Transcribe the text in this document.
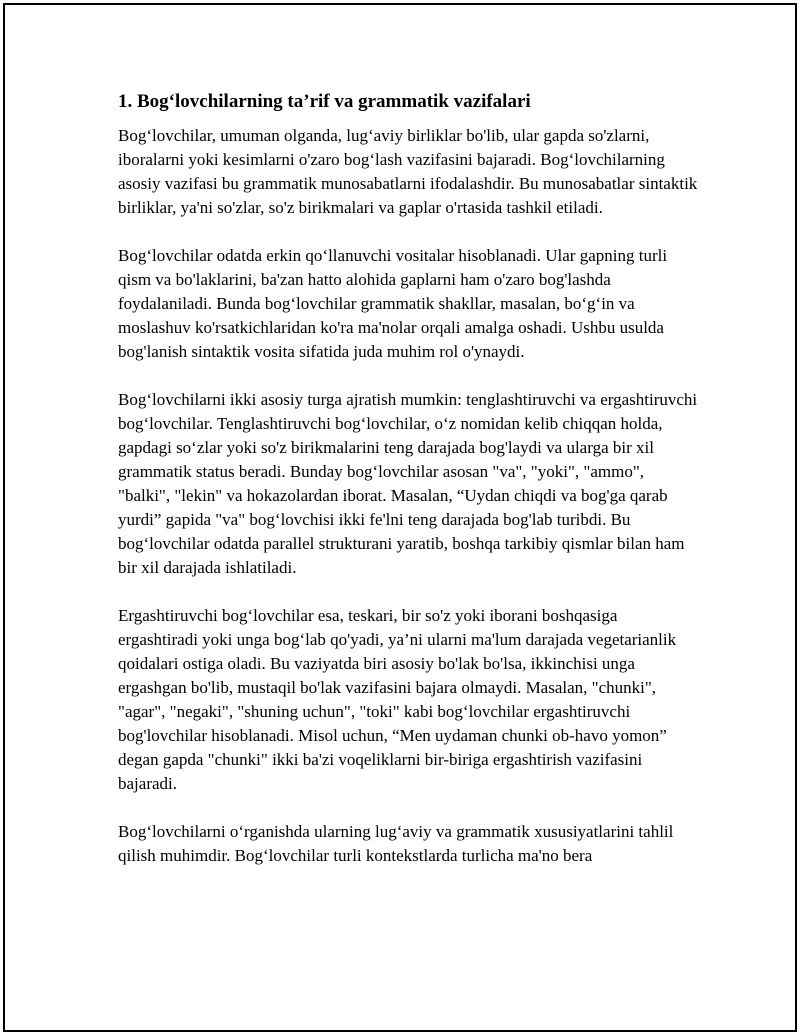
1. Bog‘lovchilarning ta’rif va grammatik vazifalari

Bog‘lovchilar, umuman olganda, lug‘aviy birliklar bo'lib, ular gapda so'zlarni, iboralarni yoki kesimlarni o'zaro bog‘lash vazifasini bajaradi. Bog‘lovchilarning asosiy vazifasi bu grammatik munosabatlarni ifodalashdir. Bu munosabatlar sintaktik birliklar, ya'ni so'zlar, so'z birikmalari va gaplar o'rtasida tashkil etiladi.

Bog‘lovchilar odatda erkin qo‘llanuvchi vositalar hisoblanadi. Ular gapning turli qism va bo'laklarini, ba'zan hatto alohida gaplarni ham o'zaro bog'lashda foydalaniladi. Bunda bog‘lovchilar grammatik shakllar, masalan, bo‘g‘in va moslashuv ko'rsatkichlaridan ko'ra ma'nolar orqali amalga oshadi. Ushbu usulda bog'lanish sintaktik vosita sifatida juda muhim rol o'ynaydi.

Bog‘lovchilarni ikki asosiy turga ajratish mumkin: tenglashtiruvchi va ergashtiruvchi bog‘lovchilar. Tenglashtiruvchi bog‘lovchilar, o‘z nomidan kelib chiqqan holda, gapdagi so‘zlar yoki so'z birikmalarini teng darajada bog'laydi va ularga bir xil grammatik status beradi. Bunday bog‘lovchilar asosan "va", "yoki", "ammo", "balki", "lekin" va hokazolardan iborat. Masalan, “Uydan chiqdi va bog'ga qarab yurdi” gapida "va" bog‘lovchisi ikki fe'lni teng darajada bog'lab turibdi. Bu bog‘lovchilar odatda parallel strukturani yaratib, boshqa tarkibiy qismlar bilan ham bir xil darajada ishlatiladi.

Ergashtiruvchi bog‘lovchilar esa, teskari, bir so'z yoki iborani boshqasiga ergashtiradi yoki unga bog‘lab qo'yadi, ya’ni ularni ma'lum darajada vegetarianlik qoidalari ostiga oladi. Bu vaziyatda biri asosiy bo'lak bo'lsa, ikkinchisi unga ergashgan bo'lib, mustaqil bo'lak vazifasini bajara olmaydi. Masalan, "chunki", "agar", "negaki", "shuning uchun", "toki" kabi bog‘lovchilar ergashtiruvchi bog'lovchilar hisoblanadi. Misol uchun, “Men uydaman chunki ob-havo yomon” degan gapda "chunki" ikki ba'zi voqeliklarni bir-biriga ergashtirish vazifasini bajaradi.

Bog‘lovchilarni o‘rganishda ularning lug‘aviy va grammatik xususiyatlarini tahlil qilish muhimdir. Bog‘lovchilar turli kontekstlarda turlicha ma'no bera
